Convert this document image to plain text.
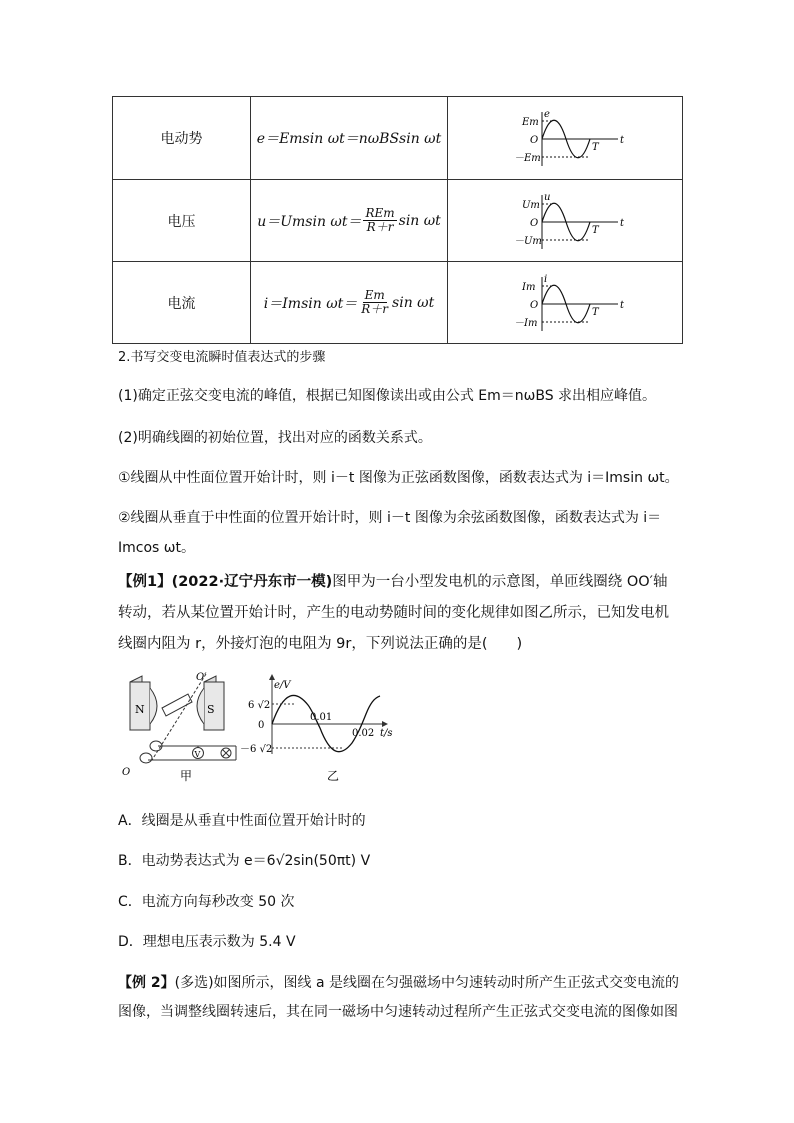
电动势	e＝Emsin ωt＝nωBSsin ωt
e
Em
O
－Em
T
t
电压	u＝Umsin $\omega t= \frac{\text{REm}}{R+r}$ sin ωt
u
Um
O
－Um
T
t
电流	i＝Imsin $\omega t= \frac{Em}{R+r}$ sin ωt
i
Im
O
－Im
T
t
2.书写交变电流瞬时值表达式的步骤
(1)确定正弦交变电流的峰值，根据已知图像读出或由公式 Em＝nωBS 求出相应峰值。
(2)明确线圈的初始位置，找出对应的函数关系式。
①线圈从中性面位置开始计时，则 i－t 图像为正弦函数图像，函数表达式为 i＝Imsin ωt。
②线圈从垂直于中性面的位置开始计时，则 i－t 图像为余弦函数图像，函数表达式为 i＝
Imcos ωt。
【例1】(2022·辽宁丹东市一模)图甲为一台小型发电机的示意图，单匝线圈绕 OO′轴转动，若从某位置开始计时，产生的电动势随时间的变化规律如图乙所示，已知发电机线圈内阻为 r，外接灯泡的电阻为 9r，下列说法正确的是(　　)
N	S
O′
V
O	甲
e/V
6 √2
0
－6 √2
0.01
0.02 t/s
乙
A．线圈是从垂直中性面位置开始计时的
B．电动势表达式为 e＝6√2sin(50πt) V
C．电流方向每秒改变 50 次
D．理想电压表示数为 5.4 V
【例 2】(多选)如图所示，图线 a 是线圈在匀强磁场中匀速转动时所产生正弦式交变电流的
图像，当调整线圈转速后，其在同一磁场中匀速转动过程所产生正弦式交变电流的图像如图
